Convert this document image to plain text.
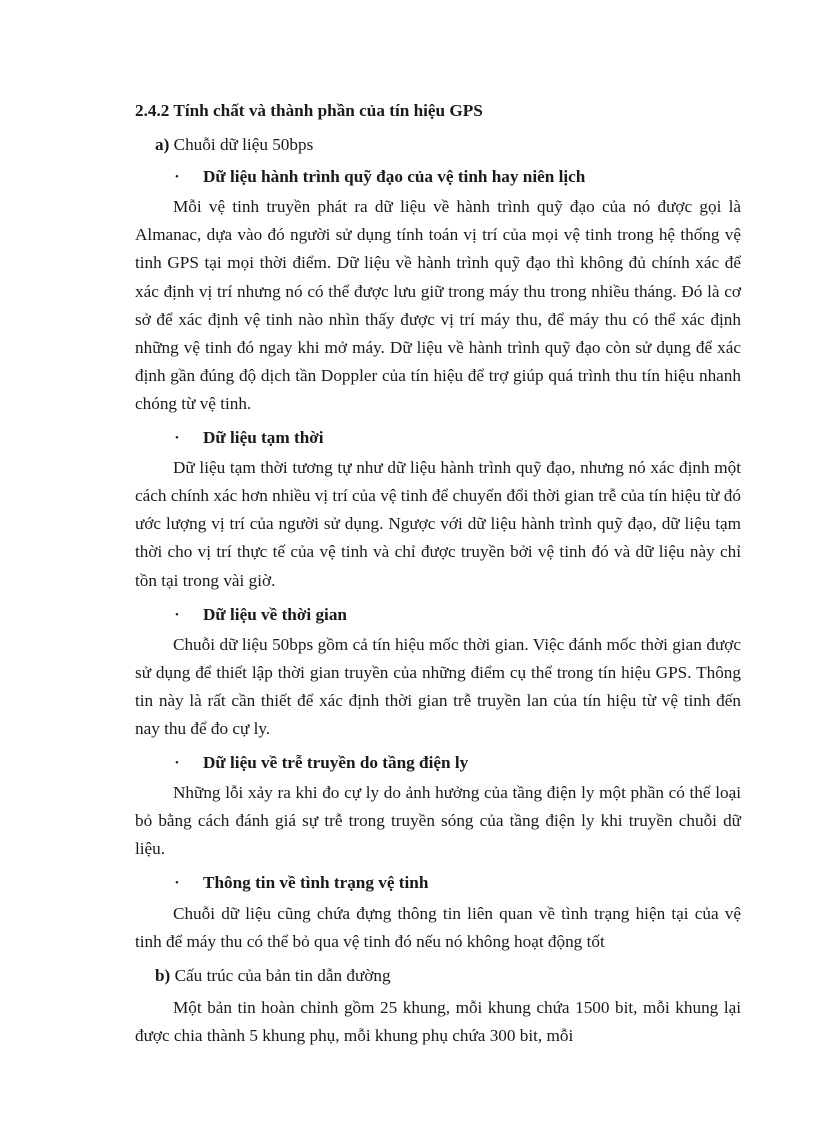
2.4.2 Tính chất và thành phần của tín hiệu GPS
a) Chuỗi dữ liệu 50bps
• Dữ liệu hành trình quỹ đạo của vệ tinh hay niên lịch
Mỗi vệ tinh truyền phát ra dữ liệu về hành trình quỹ đạo của nó được gọi là Almanac, dựa vào đó người sử dụng tính toán vị trí của mọi vệ tinh trong hệ thống vệ tinh GPS tại mọi thời điểm. Dữ liệu về hành trình quỹ đạo thì không đủ chính xác để xác định vị trí nhưng nó có thể được lưu giữ trong máy thu trong nhiều tháng. Đó là cơ sở để xác định vệ tinh nào nhìn thấy được vị trí máy thu, để máy thu có thể xác định những vệ tinh đó ngay khi mở máy. Dữ liệu về hành trình quỹ đạo còn sử dụng để xác định gần đúng độ dịch tần Doppler của tín hiệu để trợ giúp quá trình thu tín hiệu nhanh chóng từ vệ tinh.
• Dữ liệu tạm thời
Dữ liệu tạm thời tương tự như dữ liệu hành trình quỹ đạo, nhưng nó xác định một cách chính xác hơn nhiều vị trí của vệ tinh để chuyển đổi thời gian trễ của tín hiệu từ đó ước lượng vị trí của người sử dụng. Ngược với dữ liệu hành trình quỹ đạo, dữ liệu tạm thời cho vị trí thực tế của vệ tinh và chỉ được truyền bởi vệ tinh đó và dữ liệu này chỉ tồn tại trong vài giờ.
• Dữ liệu về thời gian
Chuỗi dữ liệu 50bps gồm cả tín hiệu mốc thời gian. Việc đánh mốc thời gian được sử dụng để thiết lập thời gian truyền của những điểm cụ thể trong tín hiệu GPS. Thông tin này là rất cần thiết để xác định thời gian trễ truyền lan của tín hiệu từ vệ tinh đến nay thu để đo cự ly.
• Dữ liệu về trễ truyền do tầng điện ly
Những lỗi xảy ra khi đo cự ly do ảnh hưởng của tầng điện ly một phần có thể loại bỏ bằng cách đánh giá sự trễ trong truyền sóng của tầng điện ly khi truyền chuỗi dữ liệu.
• Thông tin về tình trạng vệ tinh
Chuỗi dữ liệu cũng chứa đựng thông tin liên quan về tình trạng hiện tại của vệ tinh để máy thu có thể bỏ qua vệ tinh đó nếu nó không hoạt động tốt
b) Cấu trúc của bản tin dẫn đường
Một bản tin hoàn chỉnh gồm 25 khung, mỗi khung chứa 1500 bit, mỗi khung lại được chia thành 5 khung phụ, mỗi khung phụ chứa 300 bit, mỗi
